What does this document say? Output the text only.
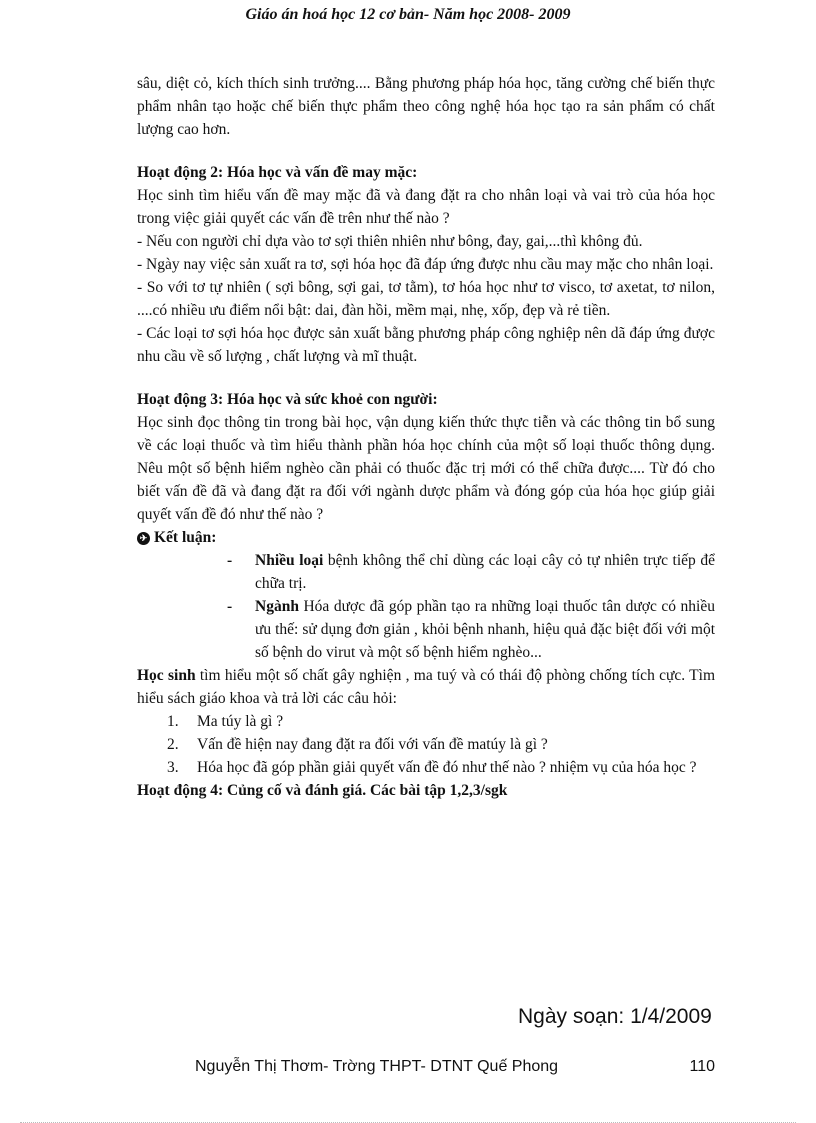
Giáo án hoá học 12 cơ bản- Năm học 2008- 2009

sâu, diệt cỏ, kích thích sinh trưởng.... Bằng phương pháp hóa học, tăng cường chế biến thực phẩm nhân tạo hoặc chế biến thực phẩm theo công nghệ hóa học tạo ra sản phẩm có chất lượng cao hơn.

Hoạt động 2: Hóa học và vấn đề may mặc:

Học sinh tìm hiểu vấn đề may mặc đã và đang đặt ra cho nhân loại và vai trò của hóa học trong việc giải quyết các vấn đề trên như thế nào ?

- Nếu con người chỉ dựa vào tơ sợi thiên nhiên như bông, đay, gai,...thì không đủ.

- Ngày nay việc sản xuất ra tơ, sợi hóa học đã đáp ứng được nhu cầu may mặc cho nhân loại.

- So với tơ tự nhiên ( sợi bông, sợi gai, tơ tằm), tơ hóa học như tơ visco, tơ axetat, tơ nilon, ....có nhiều ưu điểm nổi bật: dai, đàn hồi, mềm mại, nhẹ, xốp, đẹp và rẻ tiền.

- Các loại tơ sợi hóa học được sản xuất bằng phương pháp công nghiệp nên dã đáp ứng được nhu cầu về số lượng , chất lượng và mĩ thuật.

Hoạt động 3: Hóa học và sức khoẻ con người:

Học sinh đọc thông tin trong bài học, vận dụng kiến thức thực tiễn và các thông tin bổ sung về các loại thuốc và tìm hiểu thành phần hóa học chính của một số loại thuốc thông dụng. Nêu một số bệnh hiểm nghèo cần phải có thuốc đặc trị mới có thể chữa được.... Từ đó cho biết vấn đề đã và đang đặt ra đối với ngành dược phẩm và đóng góp của hóa học giúp giải quyết vấn đề đó như thế nào ?

✈ Kết luận:

- Nhiều loại bệnh không thể chỉ dùng các loại cây cỏ tự nhiên trực tiếp để chữa trị.
- Ngành Hóa dược đã góp phần tạo ra những loại thuốc tân dược có nhiều ưu thế: sử dụng đơn giản , khỏi bệnh nhanh, hiệu quả đặc biệt đối với một số bệnh do virut và một số bệnh hiểm nghèo...

Học sinh tìm hiểu một số chất gây nghiện , ma tuý và có thái độ phòng chống tích cực. Tìm hiểu sách giáo khoa và trả lời các câu hỏi:

1. Ma túy là gì ?
2. Vấn đề hiện nay đang đặt ra đối với vấn đề matúy là gì ?
3. Hóa học đã góp phần giải quyết vấn đề đó như thế nào ? nhiệm vụ của hóa học ?

Hoạt động 4: Củng cố và đánh giá. Các bài tập 1,2,3/sgk

Ngày soạn: 1/4/2009
Nguyễn Thị Thơm- Trờng THPT- DTNT Quế Phong	110
